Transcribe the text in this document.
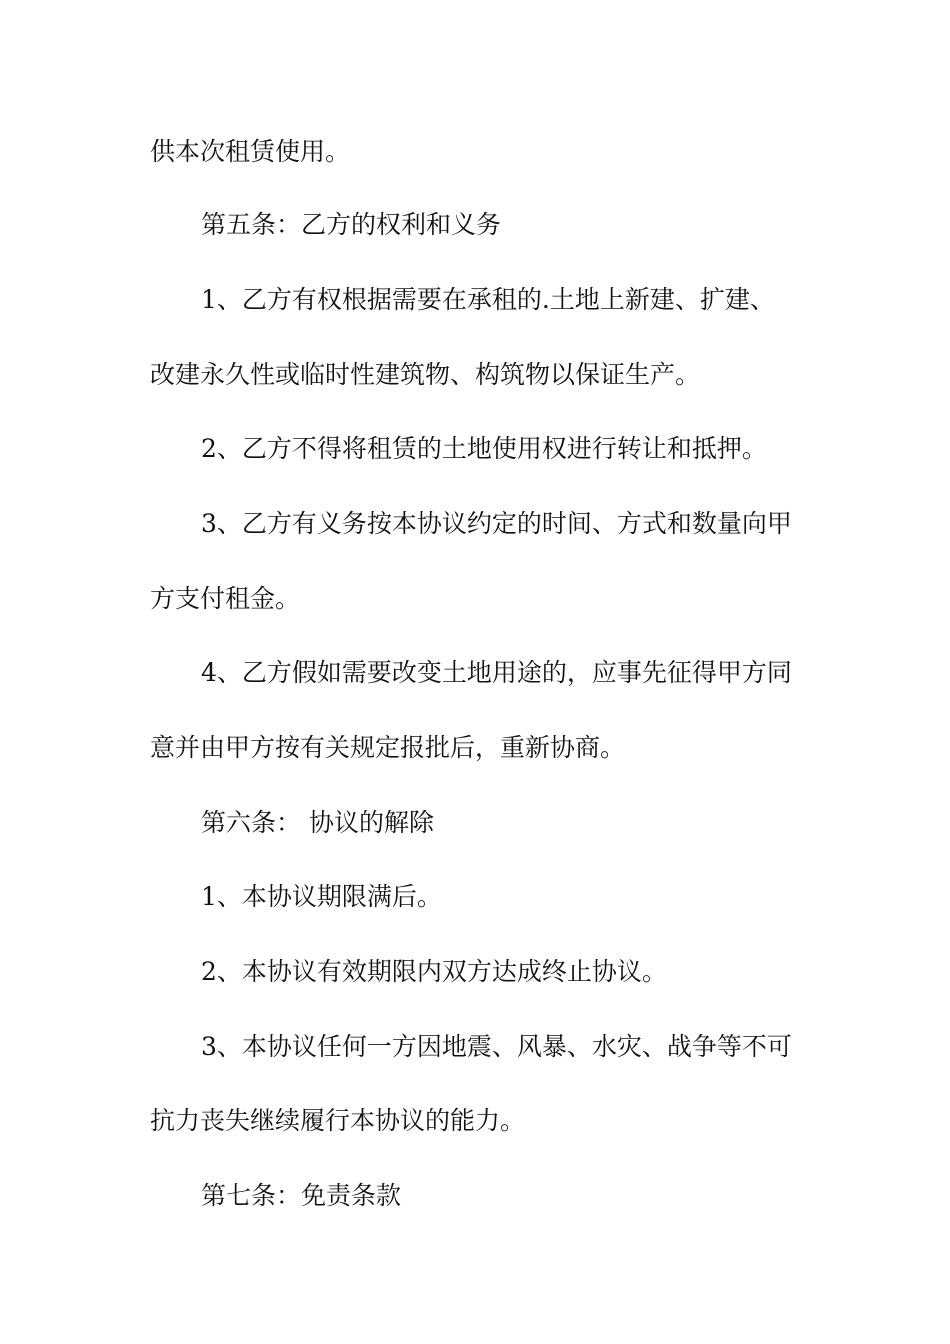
供本次租赁使用。
第五条：乙方的权利和义务
1、乙方有权根据需要在承租的.土地上新建、扩建、
改建永久性或临时性建筑物、构筑物以保证生产。
2、乙方不得将租赁的土地使用权进行转让和抵押。
3、乙方有义务按本协议约定的时间、方式和数量向甲
方支付租金。
4、乙方假如需要改变土地用途的，应事先征得甲方同
意并由甲方按有关规定报批后，重新协商。
第六条： 协议的解除
1、本协议期限满后。
2、本协议有效期限内双方达成终止协议。
3、本协议任何一方因地震、风暴、水灾、战争等不可
抗力丧失继续履行本协议的能力。
第七条：免责条款
